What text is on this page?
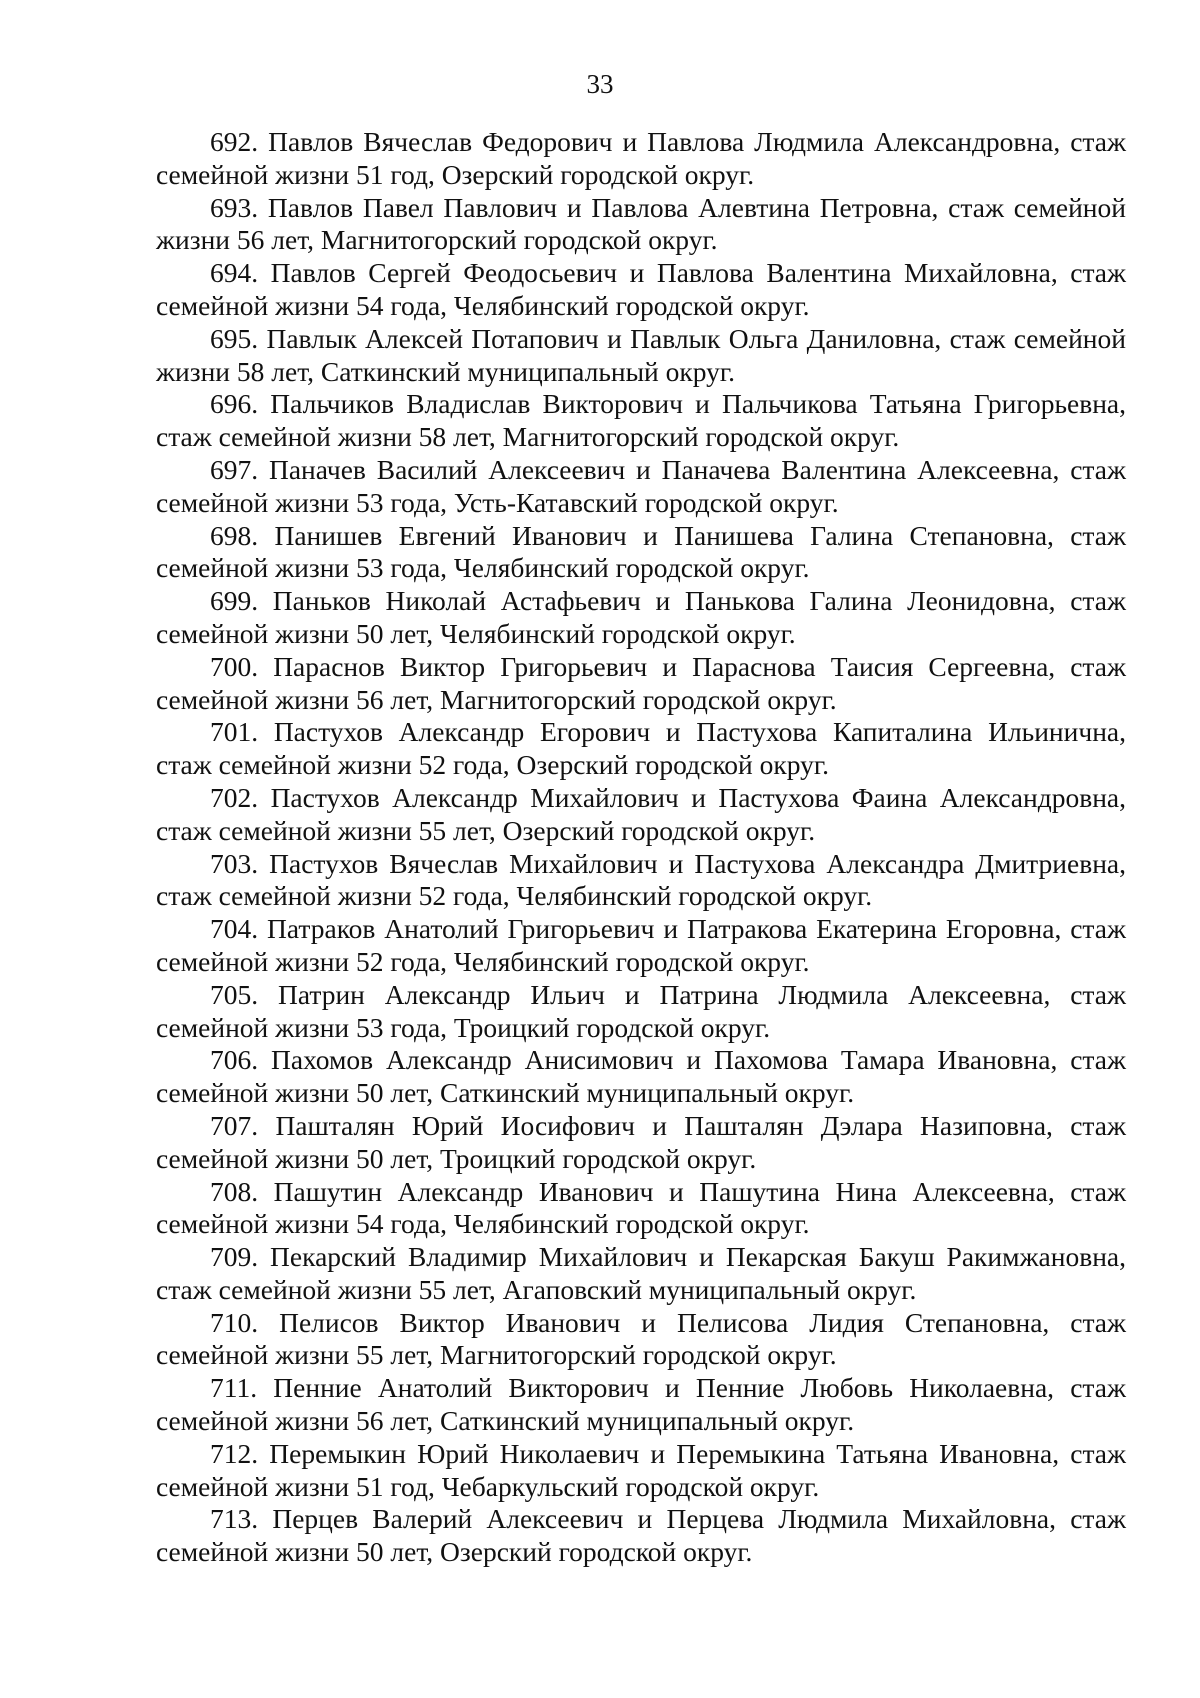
33

692. Павлов Вячеслав Федорович и Павлова Людмила Александровна, стаж семейной жизни 51 год, Озерский городской округ.

693. Павлов Павел Павлович и Павлова Алевтина Петровна, стаж семейной жизни 56 лет, Магнитогорский городской округ.

694. Павлов Сергей Феодосьевич и Павлова Валентина Михайловна, стаж семейной жизни 54 года, Челябинский городской округ.

695. Павлык Алексей Потапович и Павлык Ольга Даниловна, стаж семейной жизни 58 лет, Саткинский муниципальный округ.

696. Пальчиков Владислав Викторович и Пальчикова Татьяна Григорьевна, стаж семейной жизни 58 лет, Магнитогорский городской округ.

697. Паначев Василий Алексеевич и Паначева Валентина Алексеевна, стаж семейной жизни 53 года, Усть-Катавский городской округ.

698. Панишев Евгений Иванович и Панишева Галина Степановна, стаж семейной жизни 53 года, Челябинский городской округ.

699. Паньков Николай Астафьевич и Панькова Галина Леонидовна, стаж семейной жизни 50 лет, Челябинский городской округ.

700. Параснов Виктор Григорьевич и Параснова Таисия Сергеевна, стаж семейной жизни 56 лет, Магнитогорский городской округ.

701. Пастухов Александр Егорович и Пастухова Капиталина Ильинична, стаж семейной жизни 52 года, Озерский городской округ.

702. Пастухов Александр Михайлович и Пастухова Фаина Александровна, стаж семейной жизни 55 лет, Озерский городской округ.

703. Пастухов Вячеслав Михайлович и Пастухова Александра Дмитриевна, стаж семейной жизни 52 года, Челябинский городской округ.

704. Патраков Анатолий Григорьевич и Патракова Екатерина Егоровна, стаж семейной жизни 52 года, Челябинский городской округ.

705. Патрин Александр Ильич и Патрина Людмила Алексеевна, стаж семейной жизни 53 года, Троицкий городской округ.

706. Пахомов Александр Анисимович и Пахомова Тамара Ивановна, стаж семейной жизни 50 лет, Саткинский муниципальный округ.

707. Пашталян Юрий Иосифович и Пашталян Дэлара Назиповна, стаж семейной жизни 50 лет, Троицкий городской округ.

708. Пашутин Александр Иванович и Пашутина Нина Алексеевна, стаж семейной жизни 54 года, Челябинский городской округ.

709. Пекарский Владимир Михайлович и Пекарская Бакуш Ракимжановна, стаж семейной жизни 55 лет, Агаповский муниципальный округ.

710. Пелисов Виктор Иванович и Пелисова Лидия Степановна, стаж семейной жизни 55 лет, Магнитогорский городской округ.

711. Пенние Анатолий Викторович и Пенние Любовь Николаевна, стаж семейной жизни 56 лет, Саткинский муниципальный округ.

712. Перемыкин Юрий Николаевич и Перемыкина Татьяна Ивановна, стаж семейной жизни 51 год, Чебаркульский городской округ.

713. Перцев Валерий Алексеевич и Перцева Людмила Михайловна, стаж семейной жизни 50 лет, Озерский городской округ.
